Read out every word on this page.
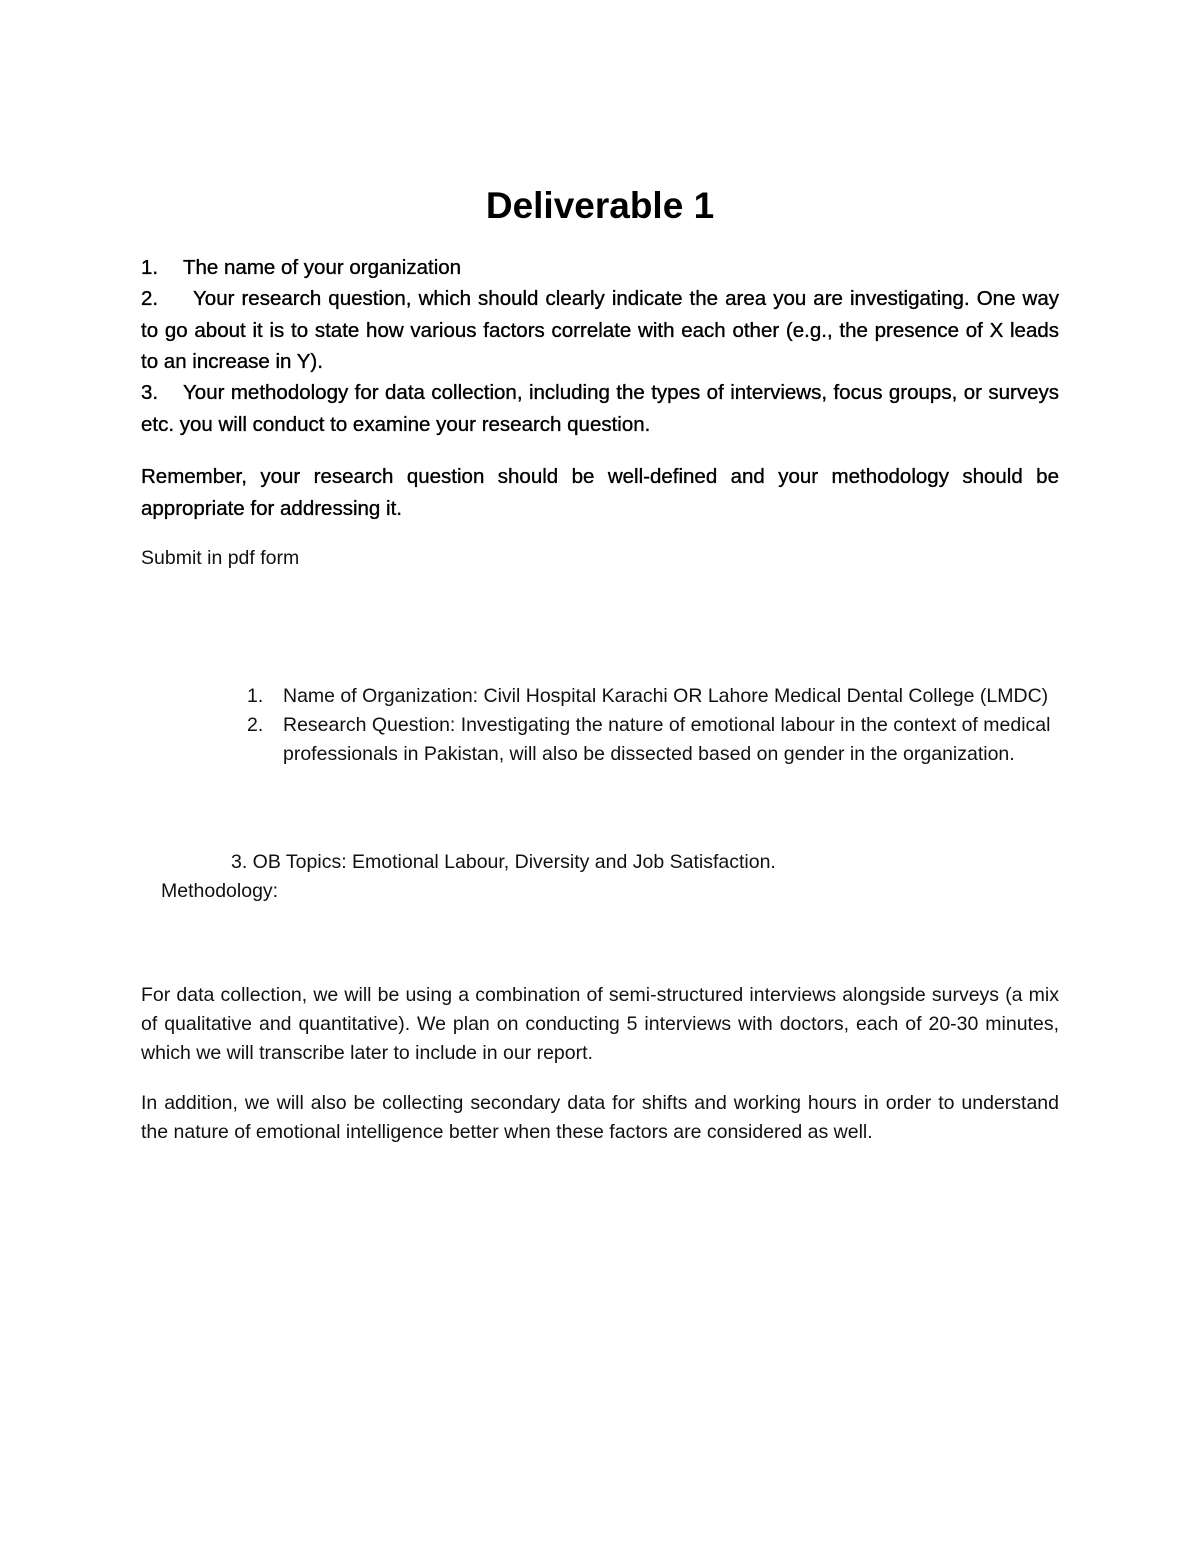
Deliverable 1

1. The name of your organization

2. Your research question, which should clearly indicate the area you are investigating. One way to go about it is to state how various factors correlate with each other (e.g., the presence of X leads to an increase in Y).

3. Your methodology for data collection, including the types of interviews, focus groups, or surveys etc. you will conduct to examine your research question.

Remember, your research question should be well-defined and your methodology should be appropriate for addressing it.

Submit in pdf form

1. Name of Organization: Civil Hospital Karachi OR Lahore Medical Dental College (LMDC)
2. Research Question: Investigating the nature of emotional labour in the context of medical professionals in Pakistan, will also be dissected based on gender in the organization.

3. OB Topics: Emotional Labour, Diversity and Job Satisfaction.

Methodology:

For data collection, we will be using a combination of semi-structured interviews alongside surveys (a mix of qualitative and quantitative). We plan on conducting 5 interviews with doctors, each of 20-30 minutes, which we will transcribe later to include in our report.

In addition, we will also be collecting secondary data for shifts and working hours in order to understand the nature of emotional intelligence better when these factors are considered as well.
